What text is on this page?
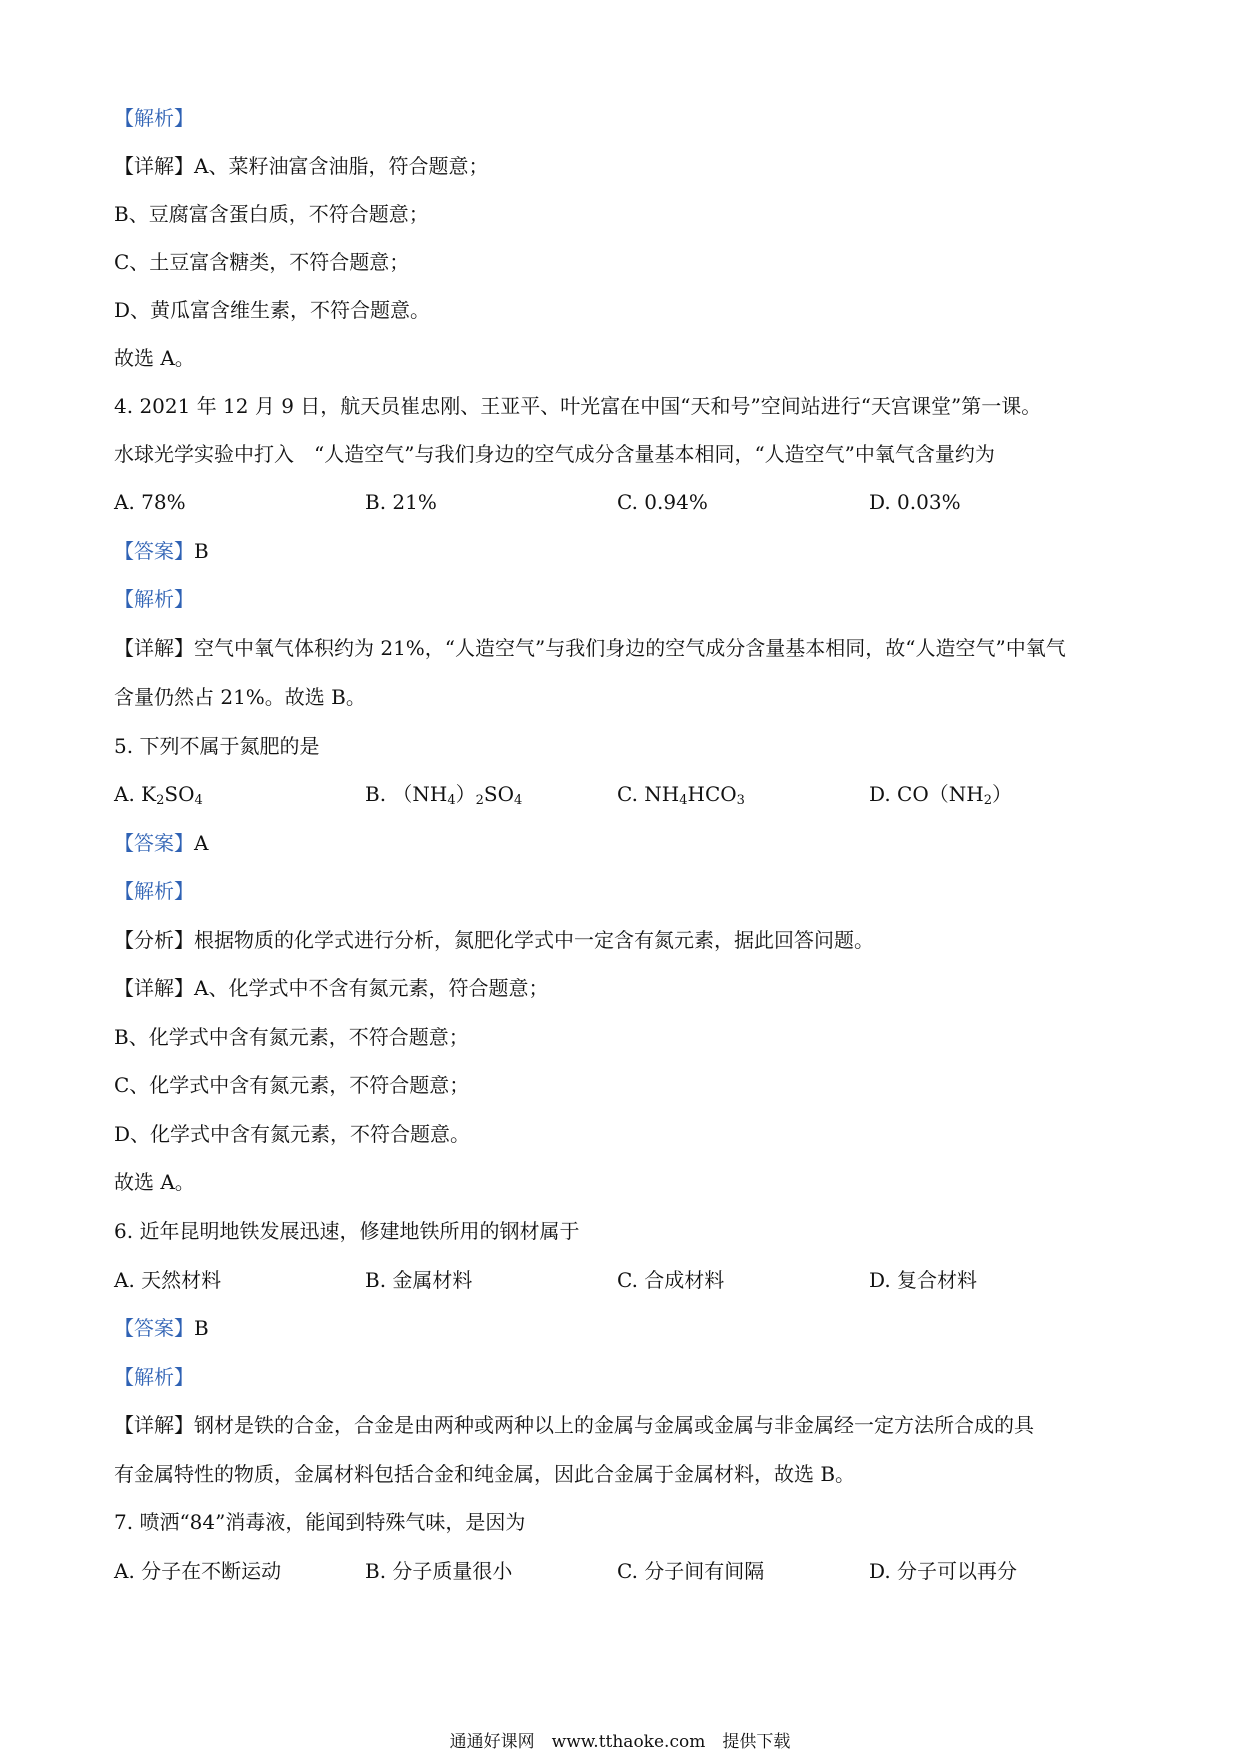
【解析】
【详解】A、菜籽油富含油脂，符合题意；
B、豆腐富含蛋白质，不符合题意；
C、土豆富含糖类，不符合题意；
D、黄瓜富含维生素，不符合题意。
故选 A。
4. 2021 年 12 月 9 日，航天员崔忠刚、王亚平、叶光富在中国“天和号”空间站进行“天宫课堂”第一课。
水球光学实验中打入　“人造空气”与我们身边的空气成分含量基本相同，“人造空气”中氧气含量约为
A. 78%	B. 21%	C. 0.94%	D. 0.03%
【答案】B
【解析】
【详解】空气中氧气体积约为 21%，“人造空气”与我们身边的空气成分含量基本相同，故“人造空气”中氧气
含量仍然占 21%。故选 B。
5. 下列不属于氮肥的是
A. $K_2SO_4$	B. $(NH_4)_2SO_4$	C. $NH_4HCO_3$	D. $CO(NH_2)$
【答案】A
【解析】
【分析】根据物质的化学式进行分析，氮肥化学式中一定含有氮元素，据此回答问题。
【详解】A、化学式中不含有氮元素，符合题意；
B、化学式中含有氮元素，不符合题意；
C、化学式中含有氮元素，不符合题意；
D、化学式中含有氮元素，不符合题意。
故选 A。
6. 近年昆明地铁发展迅速，修建地铁所用的钢材属于
A. 天然材料	B. 金属材料	C. 合成材料	D. 复合材料
【答案】B
【解析】
【详解】钢材是铁的合金，合金是由两种或两种以上的金属与金属或金属与非金属经一定方法所合成的具
有金属特性的物质，金属材料包括合金和纯金属，因此合金属于金属材料，故选 B。
7. 喷洒“84”消毒液，能闻到特殊气味，是因为
A. 分子在不断运动	B. 分子质量很小	C. 分子间有间隔	D. 分子可以再分
通通好课网　www.tthaoke.com　提供下载
